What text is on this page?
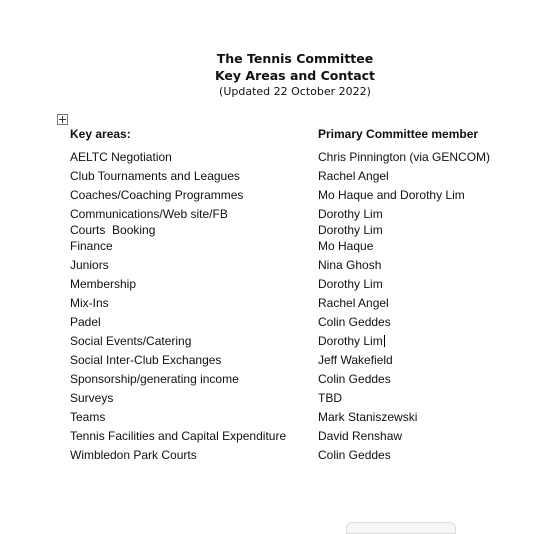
The Tennis Committee
Key Areas and Contact
(Updated 22 October 2022)
Key areas:	Primary Committee member
AELTC Negotiation	Chris Pinnington (via GENCOM)
Club Tournaments and Leagues	Rachel Angel
Coaches/Coaching Programmes	Mo Haque and Dorothy Lim
Communications/Web site/FB	Dorothy Lim
Courts  Booking	Dorothy Lim
Finance	Mo Haque
Juniors	Nina Ghosh
Membership	Dorothy Lim
Mix-Ins	Rachel Angel
Padel	Colin Geddes
Social Events/Catering	Dorothy Lim
Social Inter-Club Exchanges	Jeff Wakefield
Sponsorship/generating income	Colin Geddes
Surveys	TBD
Teams	Mark Staniszewski
Tennis Facilities and Capital Expenditure	David Renshaw
Wimbledon Park Courts	Colin Geddes
